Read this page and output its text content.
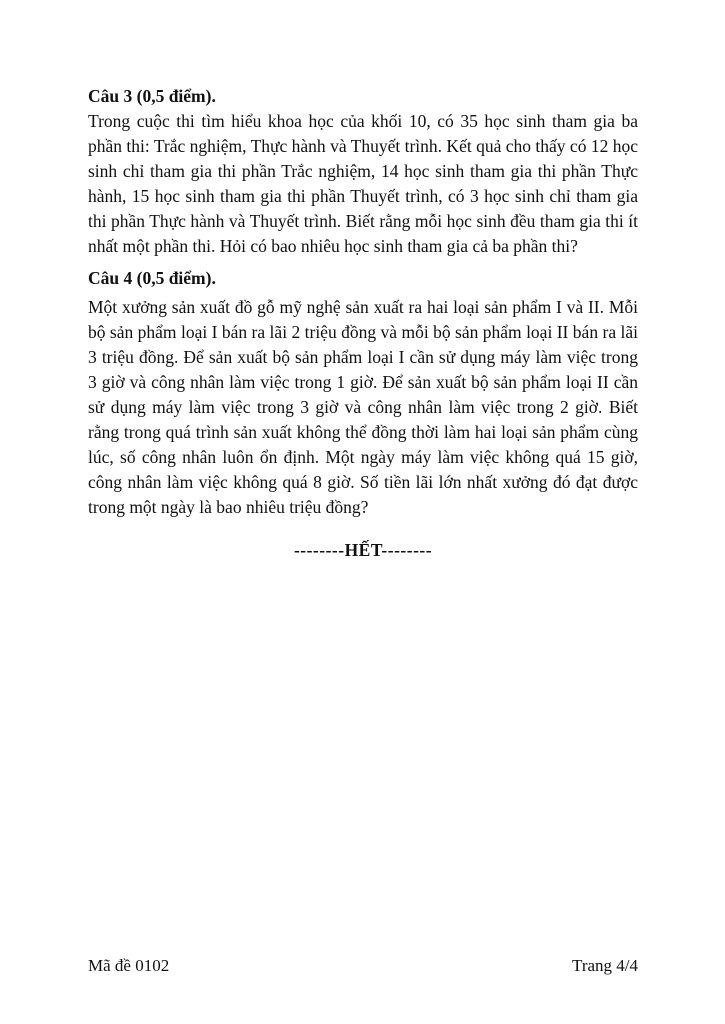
Câu 3 (0,5 điểm).

Trong cuộc thi tìm hiểu khoa học của khối 10, có 35 học sinh tham gia ba phần thi: Trắc nghiệm, Thực hành và Thuyết trình. Kết quả cho thấy có 12 học sinh chỉ tham gia thi phần Trắc nghiệm, 14 học sinh tham gia thi phần Thực hành, 15 học sinh tham gia thi phần Thuyết trình, có 3 học sinh chỉ tham gia thi phần Thực hành và Thuyết trình. Biết rằng mỗi học sinh đều tham gia thi ít nhất một phần thi. Hỏi có bao nhiêu học sinh tham gia cả ba phần thi?

Câu 4 (0,5 điểm).

Một xưởng sản xuất đồ gỗ mỹ nghệ sản xuất ra hai loại sản phẩm I và II. Mỗi bộ sản phẩm loại I bán ra lãi 2 triệu đồng và mỗi bộ sản phẩm loại II bán ra lãi 3 triệu đồng. Để sản xuất bộ sản phẩm loại I cần sử dụng máy làm việc trong 3 giờ và công nhân làm việc trong 1 giờ. Để sản xuất bộ sản phẩm loại II cần sử dụng máy làm việc trong 3 giờ và công nhân làm việc trong 2 giờ. Biết rằng trong quá trình sản xuất không thể đồng thời làm hai loại sản phẩm cùng lúc, số công nhân luôn ổn định. Một ngày máy làm việc không quá 15 giờ, công nhân làm việc không quá 8 giờ. Số tiền lãi lớn nhất xưởng đó đạt được trong một ngày là bao nhiêu triệu đồng?

--------HẾT--------
Mã đề 0102	Trang 4/4
